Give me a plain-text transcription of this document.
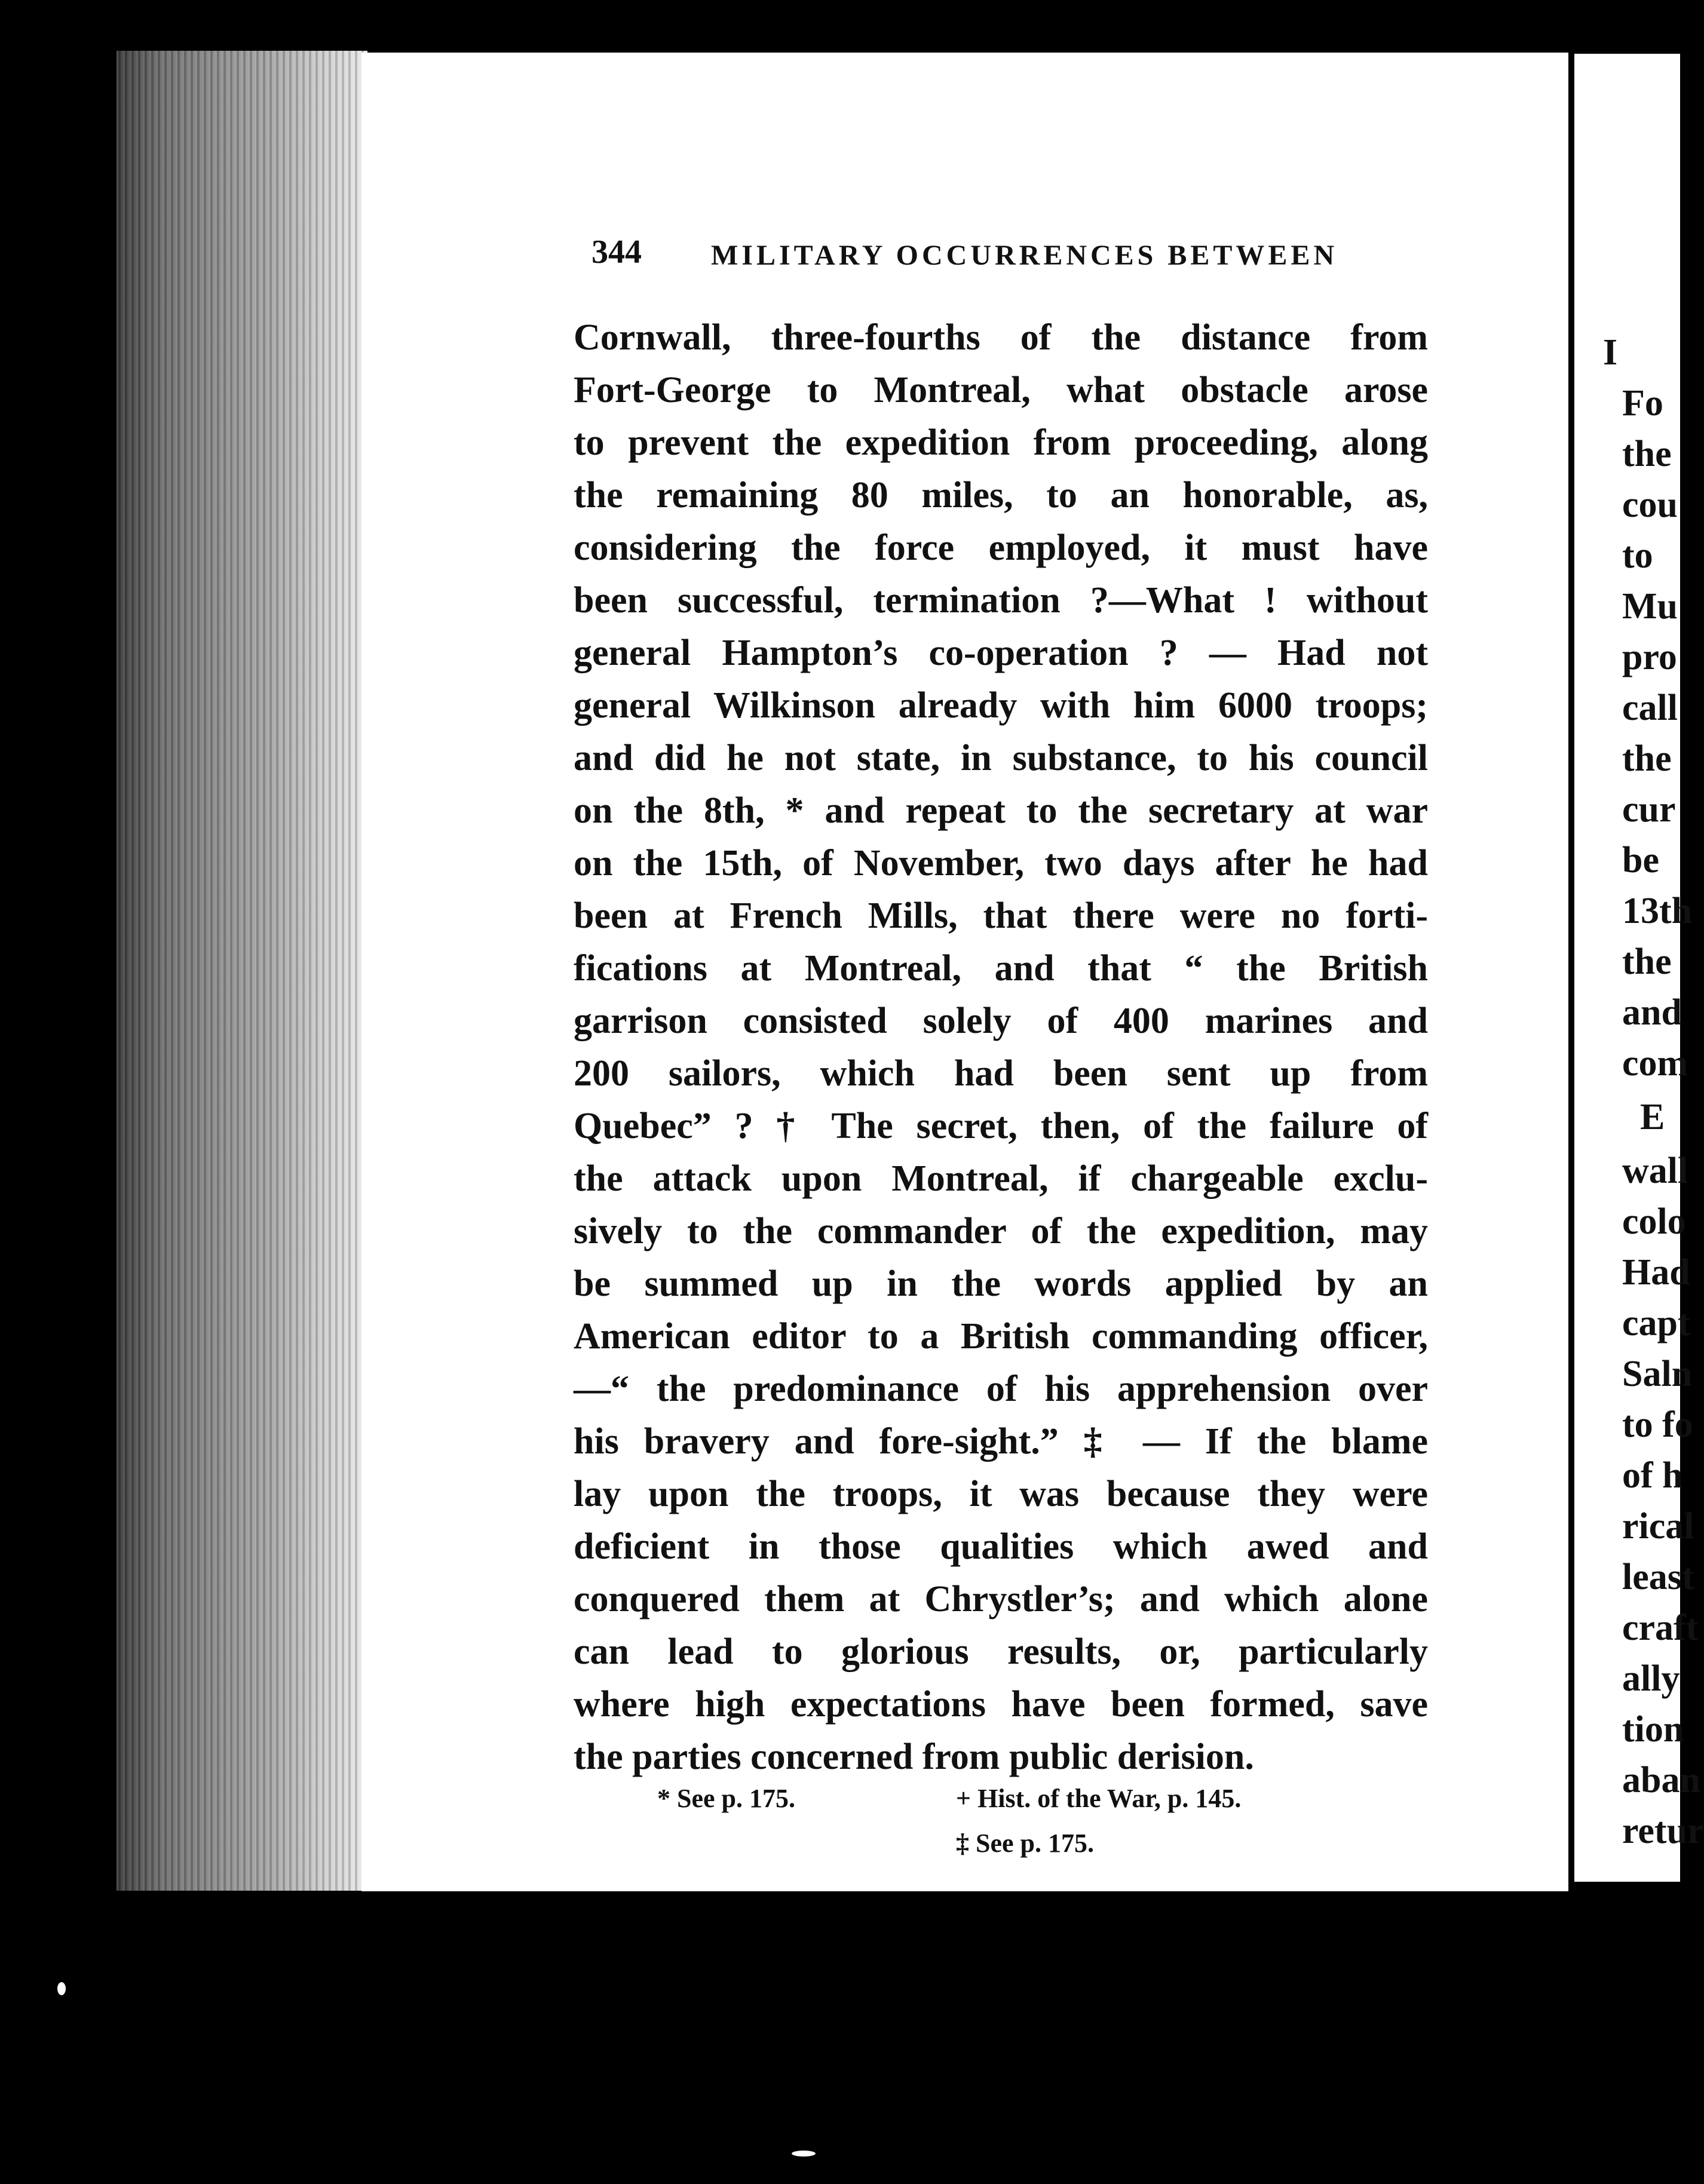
344 MILITARY OCCURRENCES BETWEEN
Cornwall, three-fourths of the distance from
Fort-George to Montreal, what obstacle arose
to prevent the expedition from proceeding, along
the remaining 80 miles, to an honorable, as,
considering the force employed, it must have
been successful, termination ?—What ! without
general Hampton’s co-operation ? — Had not
general Wilkinson already with him 6000 troops;
and did he not state, in substance, to his council
on the 8th, * and repeat to the secretary at war
on the 15th, of November, two days after he had
been at French Mills, that there were no forti-
fications at Montreal, and that “ the British
garrison consisted solely of 400 marines and
200 sailors, which had been sent up from
Quebec” ? † The secret, then, of the failure of
the attack upon Montreal, if chargeable exclu-
sively to the commander of the expedition, may
be summed up in the words applied by an
American editor to a British commanding officer,
—“ the predominance of his apprehension over
his bravery and fore-sight.” ‡ — If the blame
lay upon the troops, it was because they were
deficient in those qualities which awed and
conquered them at Chrystler’s; and which alone
can lead to glorious results, or, particularly
where high expectations have been formed, save
the parties concerned from public derision.
* See p. 175.	+ Hist. of the War, p. 145.
‡ See p. 175.
I
Fo
the
cou
to
Mu
pro
call
the
cur
be
13th
the
and
com
E
wall
colo
Had
capt
Saln
to fo
of h
rical
least
craft
ally
tion
aban
retur
